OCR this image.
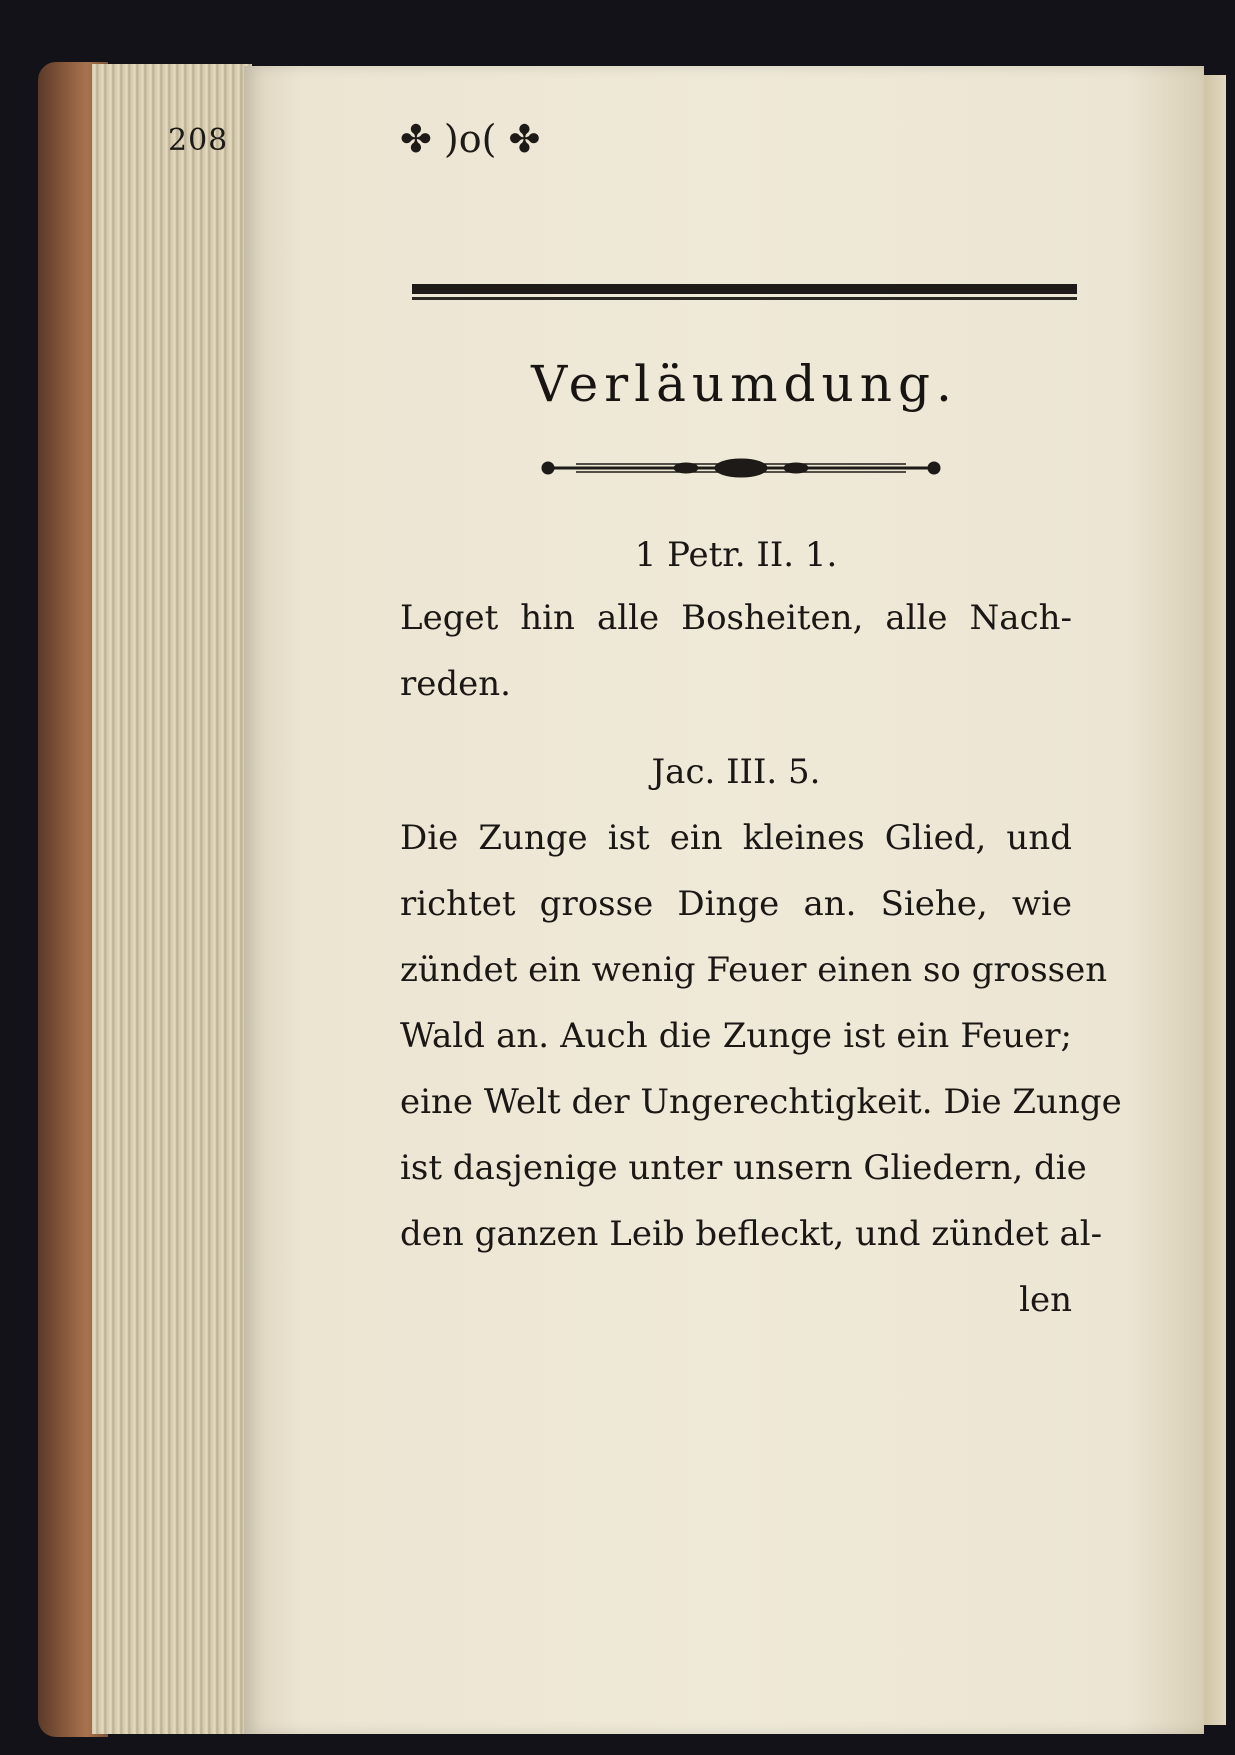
208	✤ )o( ✤
Verläumdung.
1 Petr. II. 1.
Leget hin alle Bosheiten, alle Nach-
reden.
Jac. III. 5.
Die Zunge ist ein kleines Glied, und
richtet grosse Dinge an. Siehe, wie
zündet ein wenig Feuer einen so grossen
Wald an. Auch die Zunge ist ein Feuer;
eine Welt der Ungerechtigkeit. Die Zunge
ist dasjenige unter unsern Gliedern, die
den ganzen Leib befleckt, und zündet al-
len
